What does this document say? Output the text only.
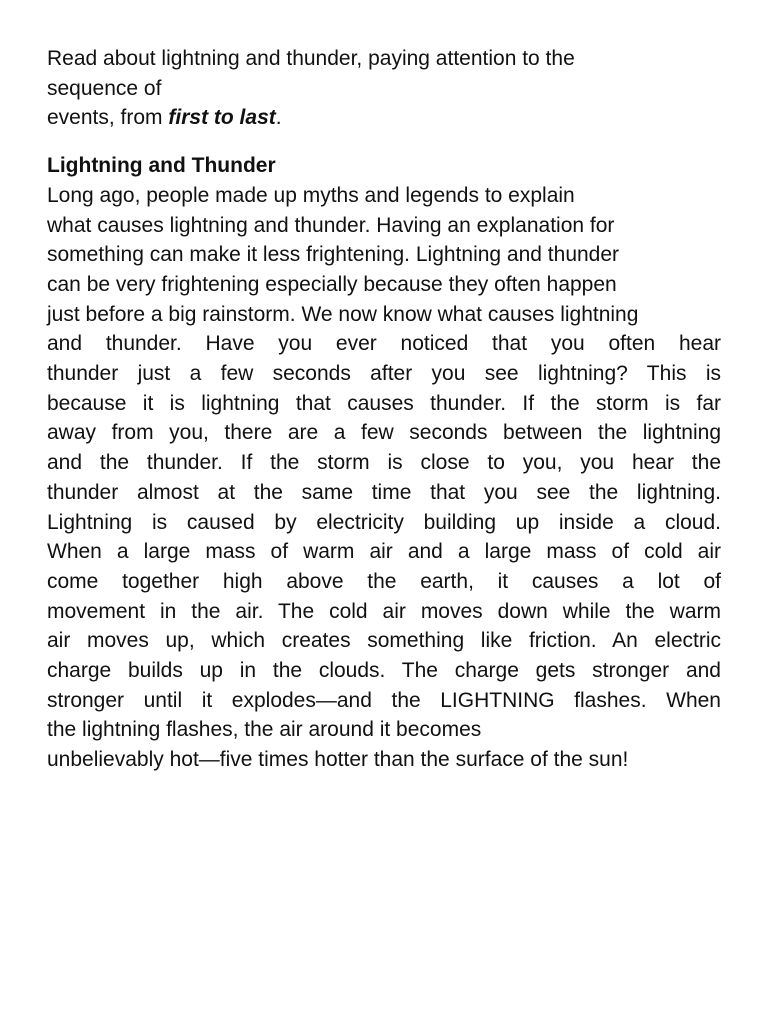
Read about lightning and thunder, paying attention to the
sequence of
events, from first to last.
Lightning and Thunder
Long ago, people made up myths and legends to explain
what causes lightning and thunder. Having an explanation for
something can make it less frightening. Lightning and thunder
can be very frightening especially because they often happen
just before a big rainstorm. We now know what causes lightning
and thunder. Have you ever noticed that you often hear
thunder just a few seconds after you see lightning? This is
because it is lightning that causes thunder. If the storm is far
away from you, there are a few seconds between the lightning
and the thunder. If the storm is close to you, you hear the
thunder almost at the same time that you see the lightning.
Lightning is caused by electricity building up inside a cloud.
When a large mass of warm air and a large mass of cold air
come together high above the earth, it causes a lot of
movement in the air. The cold air moves down while the warm
air moves up, which creates something like friction. An electric
charge builds up in the clouds. The charge gets stronger and
stronger until it explodes—and the LIGHTNING flashes. When
the lightning flashes, the air around it becomes
unbelievably hot—five times hotter than the surface of the sun!
